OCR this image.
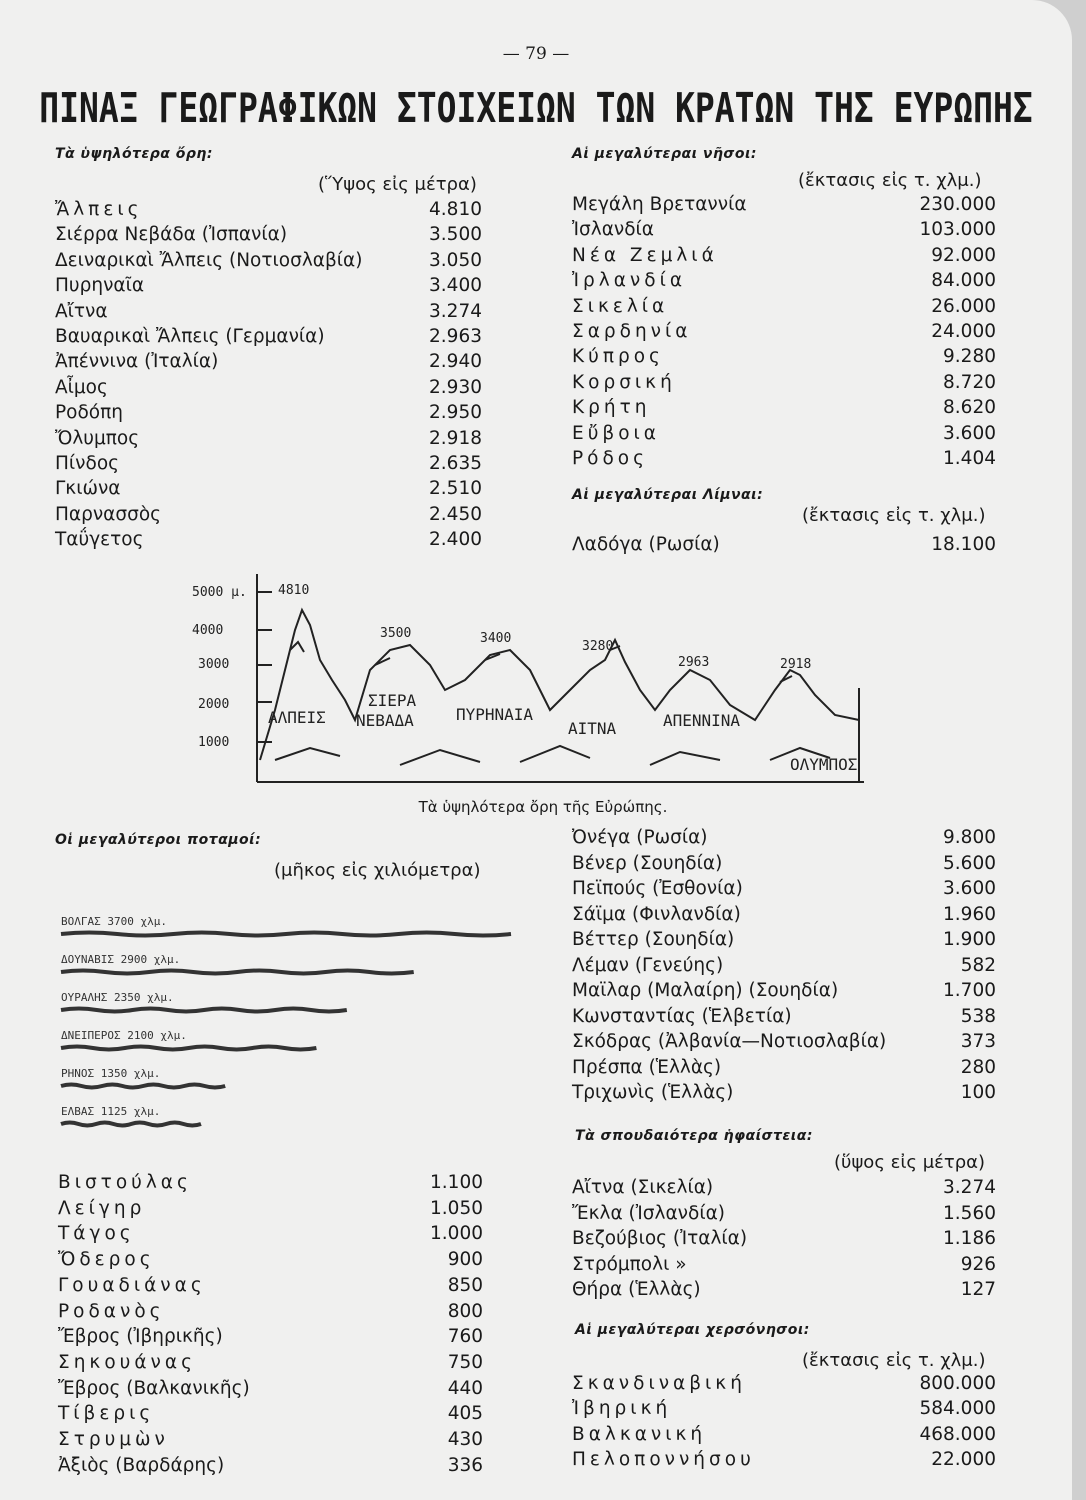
— 79 —
ΠΙΝΑΞ ΓΕΩΓΡΑΦΙΚΩΝ ΣΤΟΙΧΕΙΩΝ ΤΩΝ ΚΡΑΤΩΝ ΤΗΣ ΕΥΡΩΠΗΣ
Τὰ ὑψηλότερα ὄρη:
(Ὕψος εἰς μέτρα)
Ἄλπεις	4.810
Σιέρρα Νεβάδα (Ἰσπανία)	3.500
Δειναρικαὶ Ἄλπεις (Νοτιοσλαβία)	3.050
Πυρηναῖα	3.400
Αἴτνα	3.274
Βαυαρικαὶ Ἄλπεις (Γερμανία)	2.963
Ἀπέννινα (Ἰταλία)	2.940
Αἶμος	2.930
Ροδόπη	2.950
Ὄλυμπος	2.918
Πίνδος	2.635
Γκιώνα	2.510
Παρνασσὸς	2.450
Ταΰγετος	2.400
Αἱ μεγαλύτεραι νῆσοι:
(ἔκτασις εἰς τ. χλμ.)
Μεγάλη Βρεταννία	230.000
Ἰσλανδία	103.000
Νέα Ζεμλιά	92.000
Ἰρλανδία	84.000
Σικελία	26.000
Σαρδηνία	24.000
Κύπρος	9.280
Κορσική	8.720
Κρήτη	8.620
Εὔβοια	3.600
Ρόδος	1.404
Αἱ μεγαλύτεραι Λίμναι:
(ἔκτασις εἰς τ. χλμ.)
Λαδόγα (Ρωσία)	18.100
Ὀνέγα (Ρωσία)	9.800
Βένερ (Σουηδία)	5.600
Πεϊπούς (Ἐσθονία)	3.600
Σάϊμα (Φινλανδία)	1.960
Βέττερ (Σουηδία)	1.900
Λέμαν (Γενεύης)	582
Μαϊλαρ (Μαλαίρη) (Σουηδία)	1.700
Κωνσταντίας (Ἑλβετία)	538
Σκόδρας (Ἀλβανία—Νοτιοσλαβία)	373
Πρέσπα (Ἑλλὰς)	280
Τριχωνὶς (Ἑλλὰς)	100
5000 μ.
4000
3000
2000
1000
4810
3500	3400
3280
2963	2918
ΑΛΠΕΙΣ
ΣΙΕΡΑ
ΝΕΒΑΔΑ	ΠΥΡΗΝΑΙΑ
ΑΙΤΝΑ	ΑΠΕΝΝΙΝΑ
ΟΛΥΜΠΟΣ
Τὰ ὑψηλότερα ὄρη τῆς Εὐρώπης.
Οἱ μεγαλύτεροι ποταμοί:
(μῆκος εἰς χιλιόμετρα)
ΒΟΛΓΑΣ 3700 χλμ.
ΔΟΥΝΑΒΙΣ 2900 χλμ.
ΟΥΡΑΛΗΣ 2350 χλμ.
ΔΝΕΙΠΕΡΟΣ 2100 χλμ.
ΡΗΝΟΣ 1350 χλμ.
ΕΛΒΑΣ 1125 χλμ.
Βιστούλας	1.100
Λείγηρ	1.050
Τάγος	1.000
Ὄδερος	900
Γουαδιάνας	850
Ροδανὸς	800
Ἔβρος (Ἰβηρικῆς)	760
Σηκουάνας	750
Ἔβρος (Βαλκανικῆς)	440
Τίβερις	405
Στρυμὼν	430
Ἀξιὸς (Βαρδάρης)	336
Τὰ σπουδαιότερα ἡφαίστεια:
(ὕψος εἰς μέτρα)
Αἴτνα (Σικελία)	3.274
Ἔκλα (Ἰσλανδία)	1.560
Βεζούβιος (Ἰταλία)	1.186
Στρόμπολι »	926
Θήρα (Ἑλλὰς)	127
Αἱ μεγαλύτεραι χερσόνησοι:
(ἔκτασις εἰς τ. χλμ.)
Σκανδιναβική	800.000
Ἰβηρική	584.000
Βαλκανική	468.000
Πελοποννήσου	22.000
